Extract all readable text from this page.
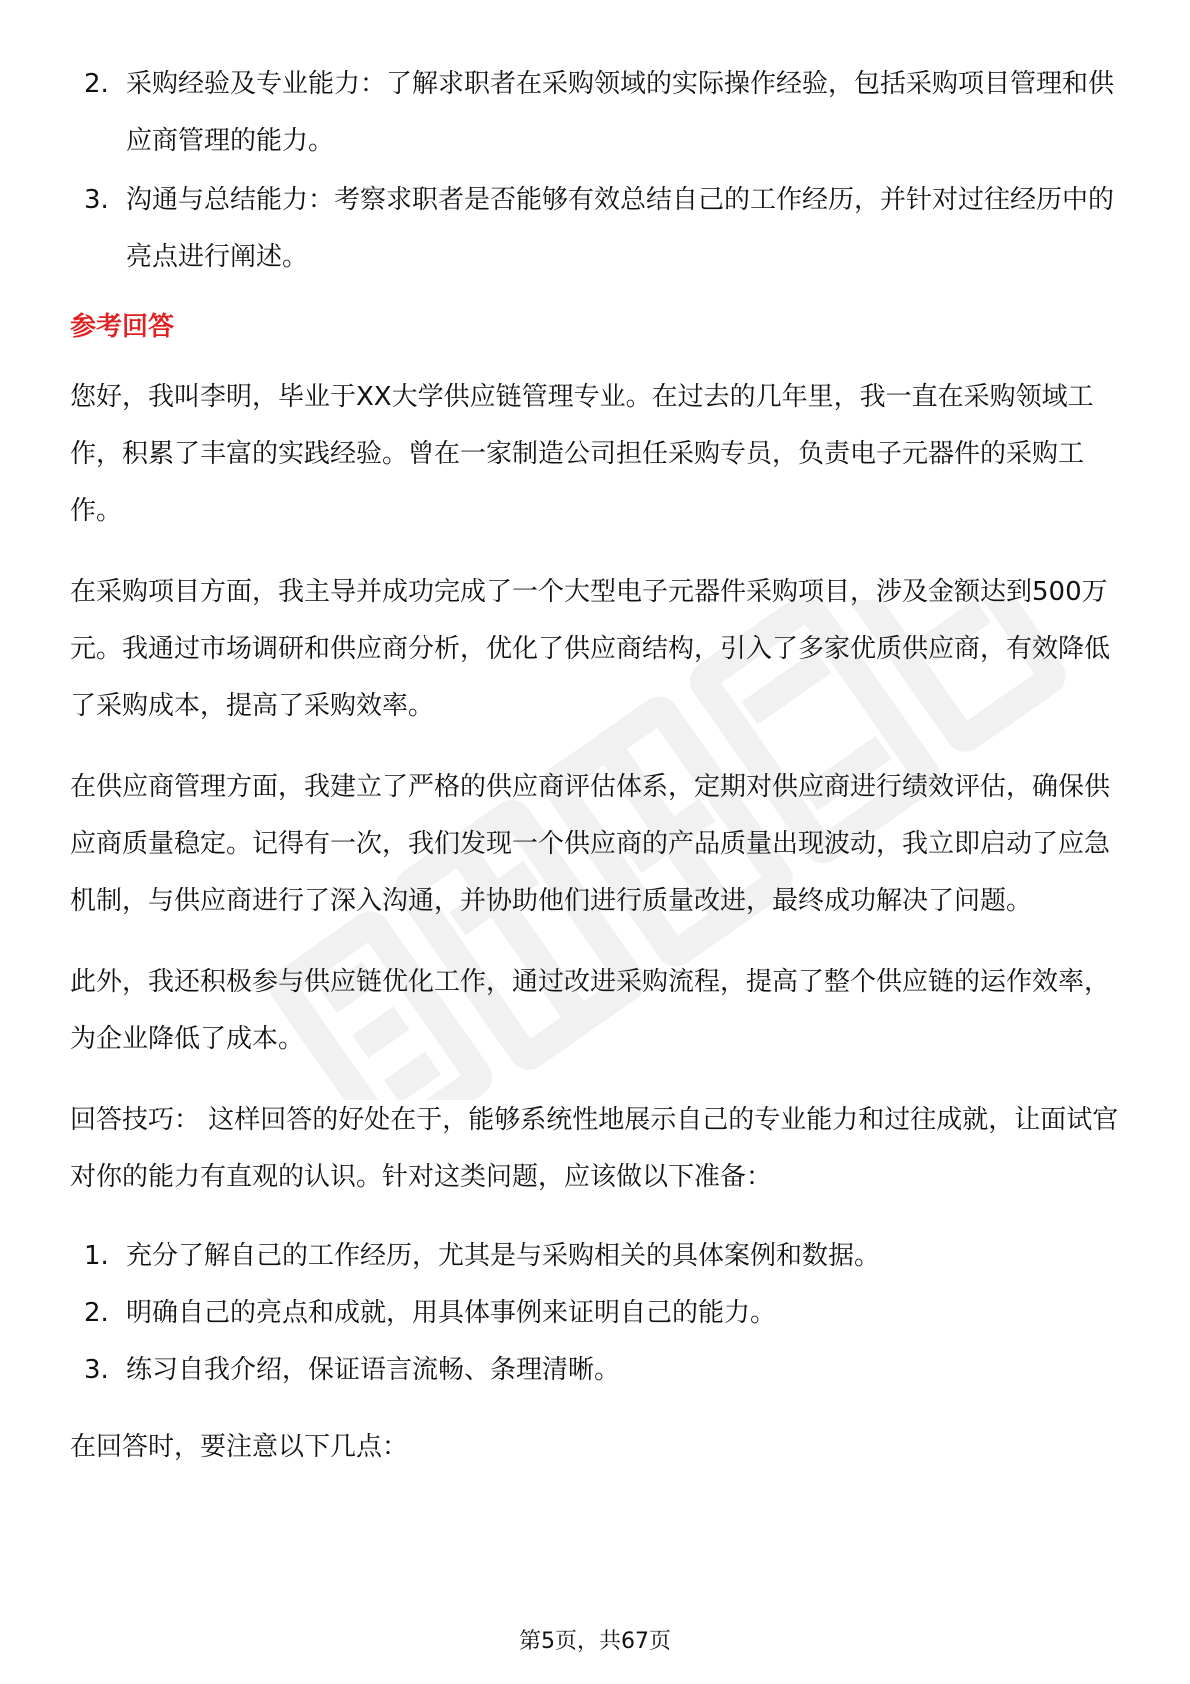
2. 采购经验及专业能力：了解求职者在采购领域的实际操作经验，包括采购项目管理和供应商管理的能力。
3. 沟通与总结能力：考察求职者是否能够有效总结自己的工作经历，并针对过往经历中的亮点进行阐述。
参考回答

您好，我叫李明，毕业于XX大学供应链管理专业。在过去的几年里，我一直在采购领域工作，积累了丰富的实践经验。曾在一家制造公司担任采购专员，负责电子元器件的采购工作。

在采购项目方面，我主导并成功完成了一个大型电子元器件采购项目，涉及金额达到500万元。我通过市场调研和供应商分析，优化了供应商结构，引入了多家优质供应商，有效降低了采购成本，提高了采购效率。

在供应商管理方面，我建立了严格的供应商评估体系，定期对供应商进行绩效评估，确保供应商质量稳定。记得有一次，我们发现一个供应商的产品质量出现波动，我立即启动了应急机制，与供应商进行了深入沟通，并协助他们进行质量改进，最终成功解决了问题。

此外，我还积极参与供应链优化工作，通过改进采购流程，提高了整个供应链的运作效率，为企业降低了成本。

回答技巧： 这样回答的好处在于，能够系统性地展示自己的专业能力和过往成就，让面试官对你的能力有直观的认识。针对这类问题，应该做以下准备：

1. 充分了解自己的工作经历，尤其是与采购相关的具体案例和数据。
2. 明确自己的亮点和成就，用具体事例来证明自己的能力。
3. 练习自我介绍，保证语言流畅、条理清晰。

在回答时，要注意以下几点：

第5页，共67页
